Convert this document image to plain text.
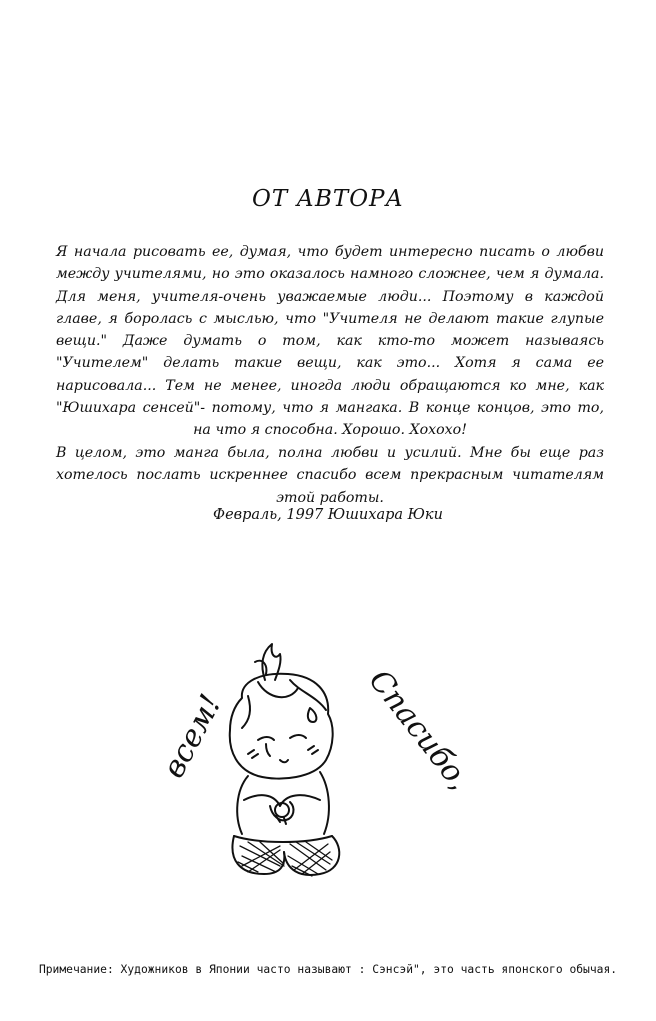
ОТ АВТОРА
Я начала рисовать ее, думая, что будет интересно писать о любви между учителями, но это оказалось намного сложнее, чем я думала. Для меня, учителя-очень уважаемые люди... Поэтому в каждой главе, я боролась с мыслью, что "Учителя не делают такие глупые вещи." Даже думать о том, как кто-то может называясь "Учителем" делать такие вещи, как это... Хотя я сама ее нарисовала... Тем не менее, иногда люди обращаются ко мне, как "Юшихара сенсей"- потому, что я мангака. В конце концов, это то, на что я способна. Хорошо. Хохохо!
В целом, это манга была, полна любви и усилий. Мне бы еще раз хотелось послать искреннее спасибо всем прекрасным читателям этой работы.
Февраль, 1997 Юшихара Юки
всем!	Спасибо,
Примечание: Художников в Японии часто называют : Сэнсэй", это часть японского обычая.
